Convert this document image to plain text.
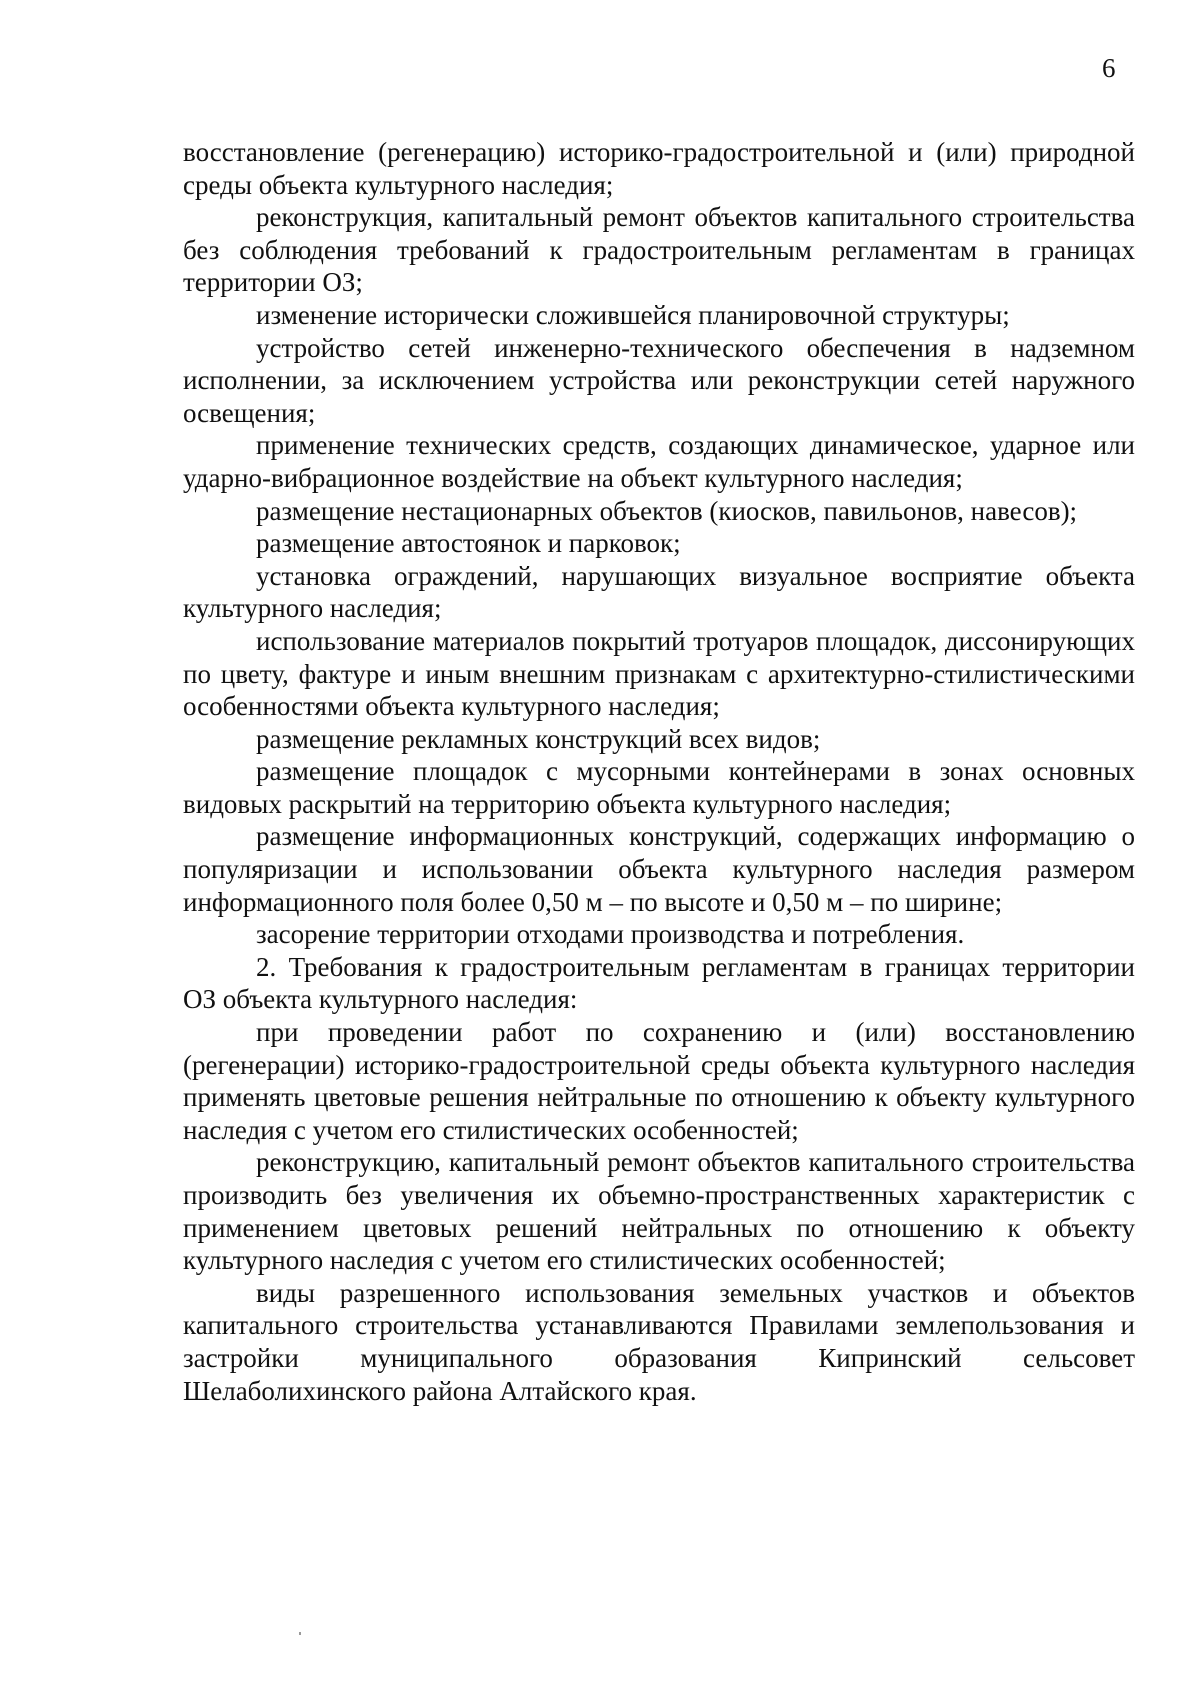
6

восстановление (регенерацию) историко-градостроительной и (или) природной среды объекта культурного наследия;

реконструкция, капитальный ремонт объектов капитального строительства без соблюдения требований к градостроительным регламентам в границах территории ОЗ;

изменение исторически сложившейся планировочной структуры;

устройство сетей инженерно-технического обеспечения в надземном исполнении, за исключением устройства или реконструкции сетей наружного освещения;

применение технических средств, создающих динамическое, ударное или ударно-вибрационное воздействие на объект культурного наследия;

размещение нестационарных объектов (киосков, павильонов, навесов);

размещение автостоянок и парковок;

установка ограждений, нарушающих визуальное восприятие объекта культурного наследия;

использование материалов покрытий тротуаров площадок, диссонирующих по цвету, фактуре и иным внешним признакам с архитектурно-стилистическими особенностями объекта культурного наследия;

размещение рекламных конструкций всех видов;

размещение площадок с мусорными контейнерами в зонах основных видовых раскрытий на территорию объекта культурного наследия;

размещение информационных конструкций, содержащих информацию о популяризации и использовании объекта культурного наследия размером информационного поля более 0,50 м – по высоте и 0,50 м – по ширине;

засорение территории отходами производства и потребления.

2. Требования к градостроительным регламентам в границах территории ОЗ объекта культурного наследия:

при проведении работ по сохранению и (или) восстановлению (регенерации) историко-градостроительной среды объекта культурного наследия применять цветовые решения нейтральные по отношению к объекту культурного наследия с учетом его стилистических особенностей;

реконструкцию, капитальный ремонт объектов капитального строительства производить без увеличения их объемно-пространственных характеристик с применением цветовых решений нейтральных по отношению к объекту культурного наследия с учетом его стилистических особенностей;

виды разрешенного использования земельных участков и объектов капитального строительства устанавливаются Правилами землепользования и застройки муниципального образования Кипринский сельсовет Шелаболихинского района Алтайского края.
